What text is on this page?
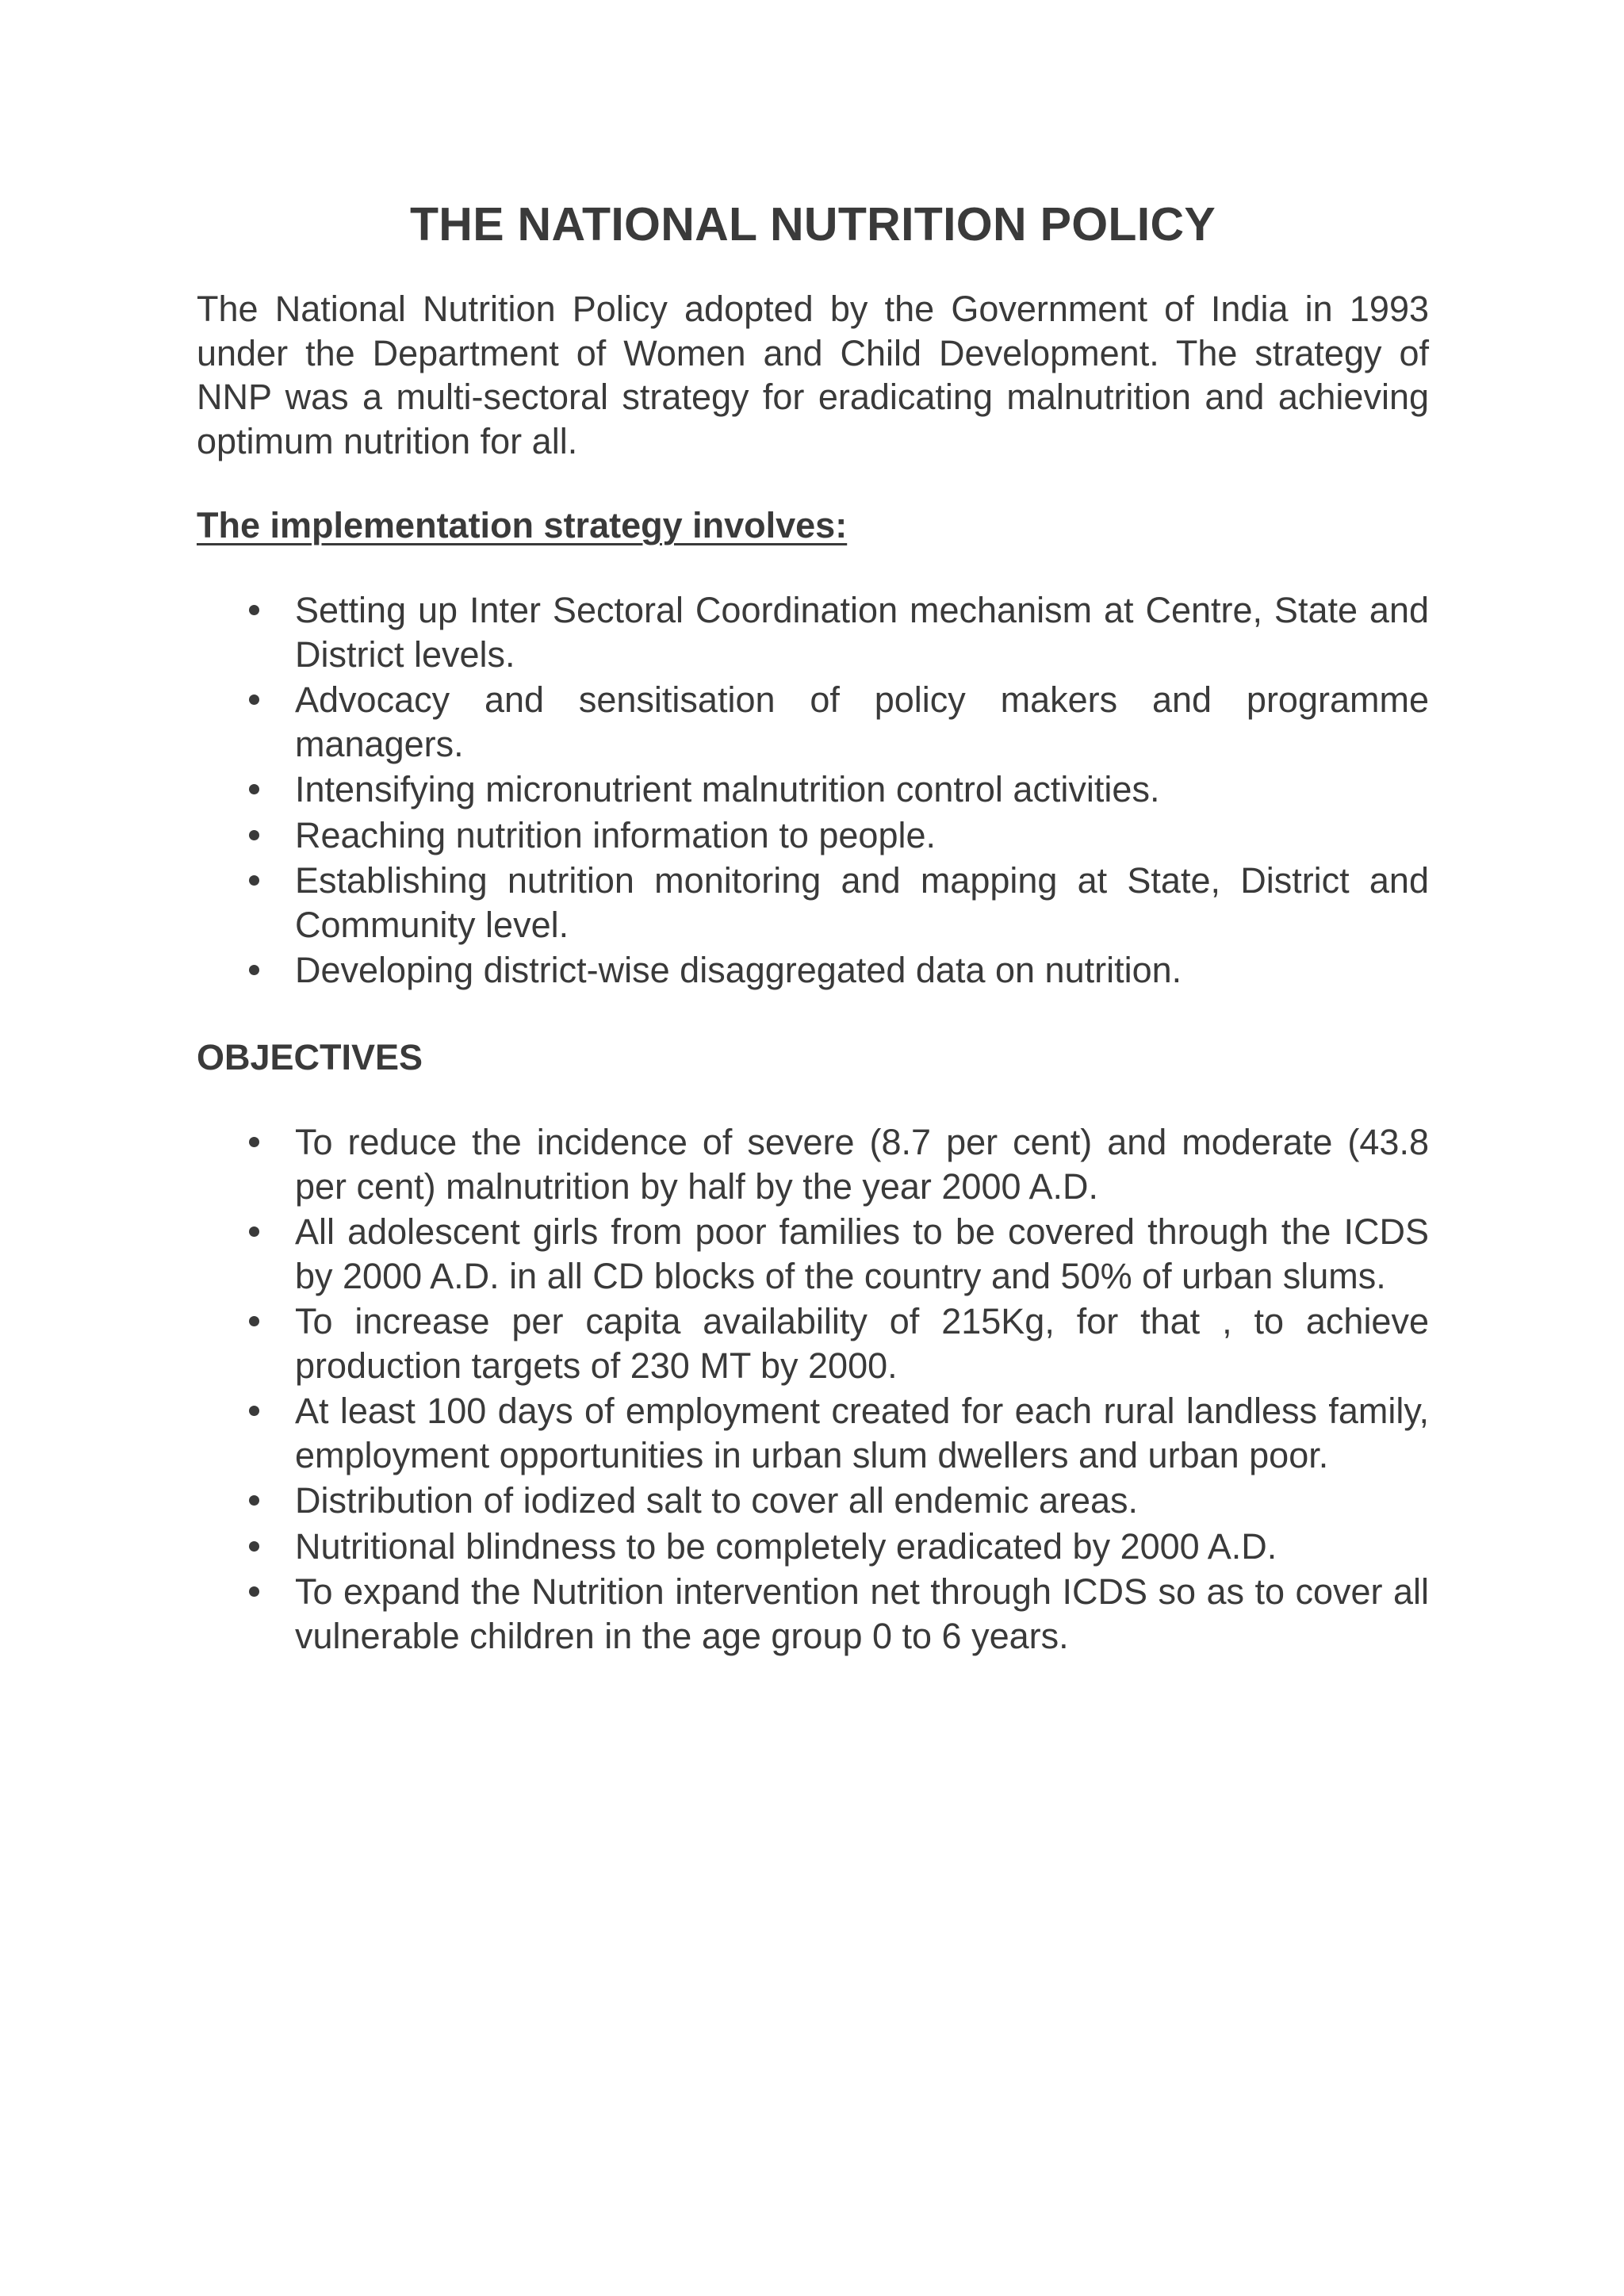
THE NATIONAL NUTRITION POLICY

The National Nutrition Policy adopted by the Government of India in 1993 under the Department of Women and Child Development. The strategy of NNP was a multi-sectoral strategy for eradicating malnutrition and achieving optimum nutrition for all.

The implementation strategy involves:
Setting up Inter Sectoral Coordination mechanism at Centre, State and District levels.
Advocacy and sensitisation of policy makers and programme managers.
Intensifying micronutrient malnutrition control activities.
Reaching nutrition information to people.
Establishing nutrition monitoring and mapping at State, District and Community level.
Developing district-wise disaggregated data on nutrition.
OBJECTIVES
To reduce the incidence of severe (8.7 per cent) and moderate (43.8 per cent) malnutrition by half by the year 2000 A.D.
All adolescent girls from poor families to be covered through the ICDS by 2000 A.D. in all CD blocks of the country and 50% of urban slums.
To increase per capita availability of 215Kg, for that , to achieve production targets of 230 MT by 2000.
At least 100 days of employment created for each rural landless family, employment opportunities in urban slum dwellers and urban poor.
Distribution of iodized salt to cover all endemic areas.
Nutritional blindness to be completely eradicated by 2000 A.D.
To expand the Nutrition intervention net through ICDS so as to cover all vulnerable children in the age group 0 to 6 years.
